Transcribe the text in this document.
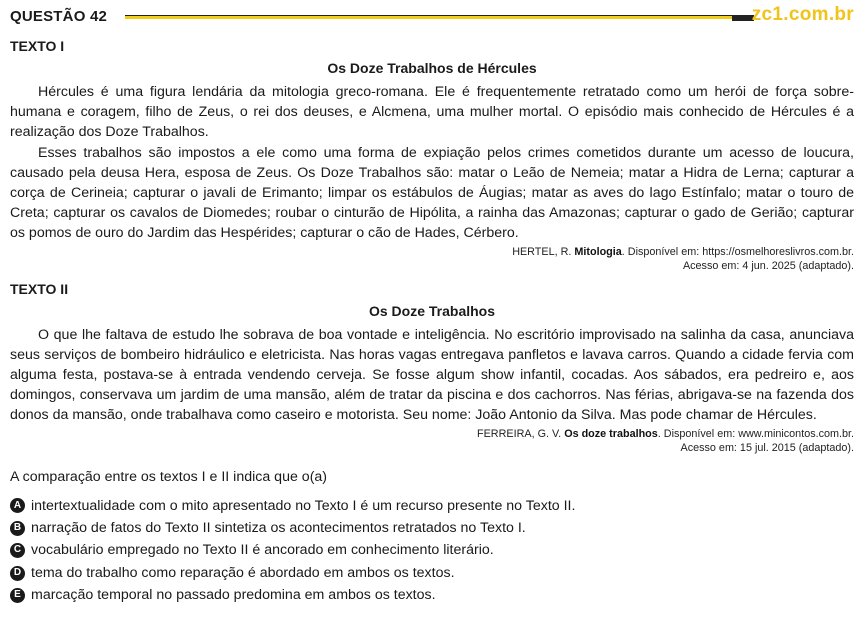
QUESTÃO 42	zc1.com.br
TEXTO I
Os Doze Trabalhos de Hércules

Hércules é uma figura lendária da mitologia greco-romana. Ele é frequentemente retratado como um herói de força sobre-humana e coragem, filho de Zeus, o rei dos deuses, e Alcmena, uma mulher mortal. O episódio mais conhecido de Hércules é a realização dos Doze Trabalhos.

Esses trabalhos são impostos a ele como uma forma de expiação pelos crimes cometidos durante um acesso de loucura, causado pela deusa Hera, esposa de Zeus. Os Doze Trabalhos são: matar o Leão de Nemeia; matar a Hidra de Lerna; capturar a corça de Cerineia; capturar o javali de Erimanto; limpar os estábulos de Áugias; matar as aves do lago Estínfalo; matar o touro de Creta; capturar os cavalos de Diomedes; roubar o cinturão de Hipólita, a rainha das Amazonas; capturar o gado de Gerião; capturar os pomos de ouro do Jardim das Hespérides; capturar o cão de Hades, Cérbero.

HERTEL, R. Mitologia. Disponível em: https://osmelhoreslivros.com.br.
Acesso em: 4 jun. 2025 (adaptado).
TEXTO II
Os Doze Trabalhos

O que lhe faltava de estudo lhe sobrava de boa vontade e inteligência. No escritório improvisado na salinha da casa, anunciava seus serviços de bombeiro hidráulico e eletricista. Nas horas vagas entregava panfletos e lavava carros. Quando a cidade fervia com alguma festa, postava-se à entrada vendendo cerveja. Se fosse algum show infantil, cocadas. Aos sábados, era pedreiro e, aos domingos, conservava um jardim de uma mansão, além de tratar da piscina e dos cachorros. Nas férias, abrigava-se na fazenda dos donos da mansão, onde trabalhava como caseiro e motorista. Seu nome: João Antonio da Silva. Mas pode chamar de Hércules.

FERREIRA, G. V. Os doze trabalhos. Disponível em: www.minicontos.com.br.
Acesso em: 15 jul. 2015 (adaptado).
A comparação entre os textos I e II indica que o(a)
A intertextualidade com o mito apresentado no Texto I é um recurso presente no Texto II.
B narração de fatos do Texto II sintetiza os acontecimentos retratados no Texto I.
C vocabulário empregado no Texto II é ancorado em conhecimento literário.
D tema do trabalho como reparação é abordado em ambos os textos.
E marcação temporal no passado predomina em ambos os textos.
